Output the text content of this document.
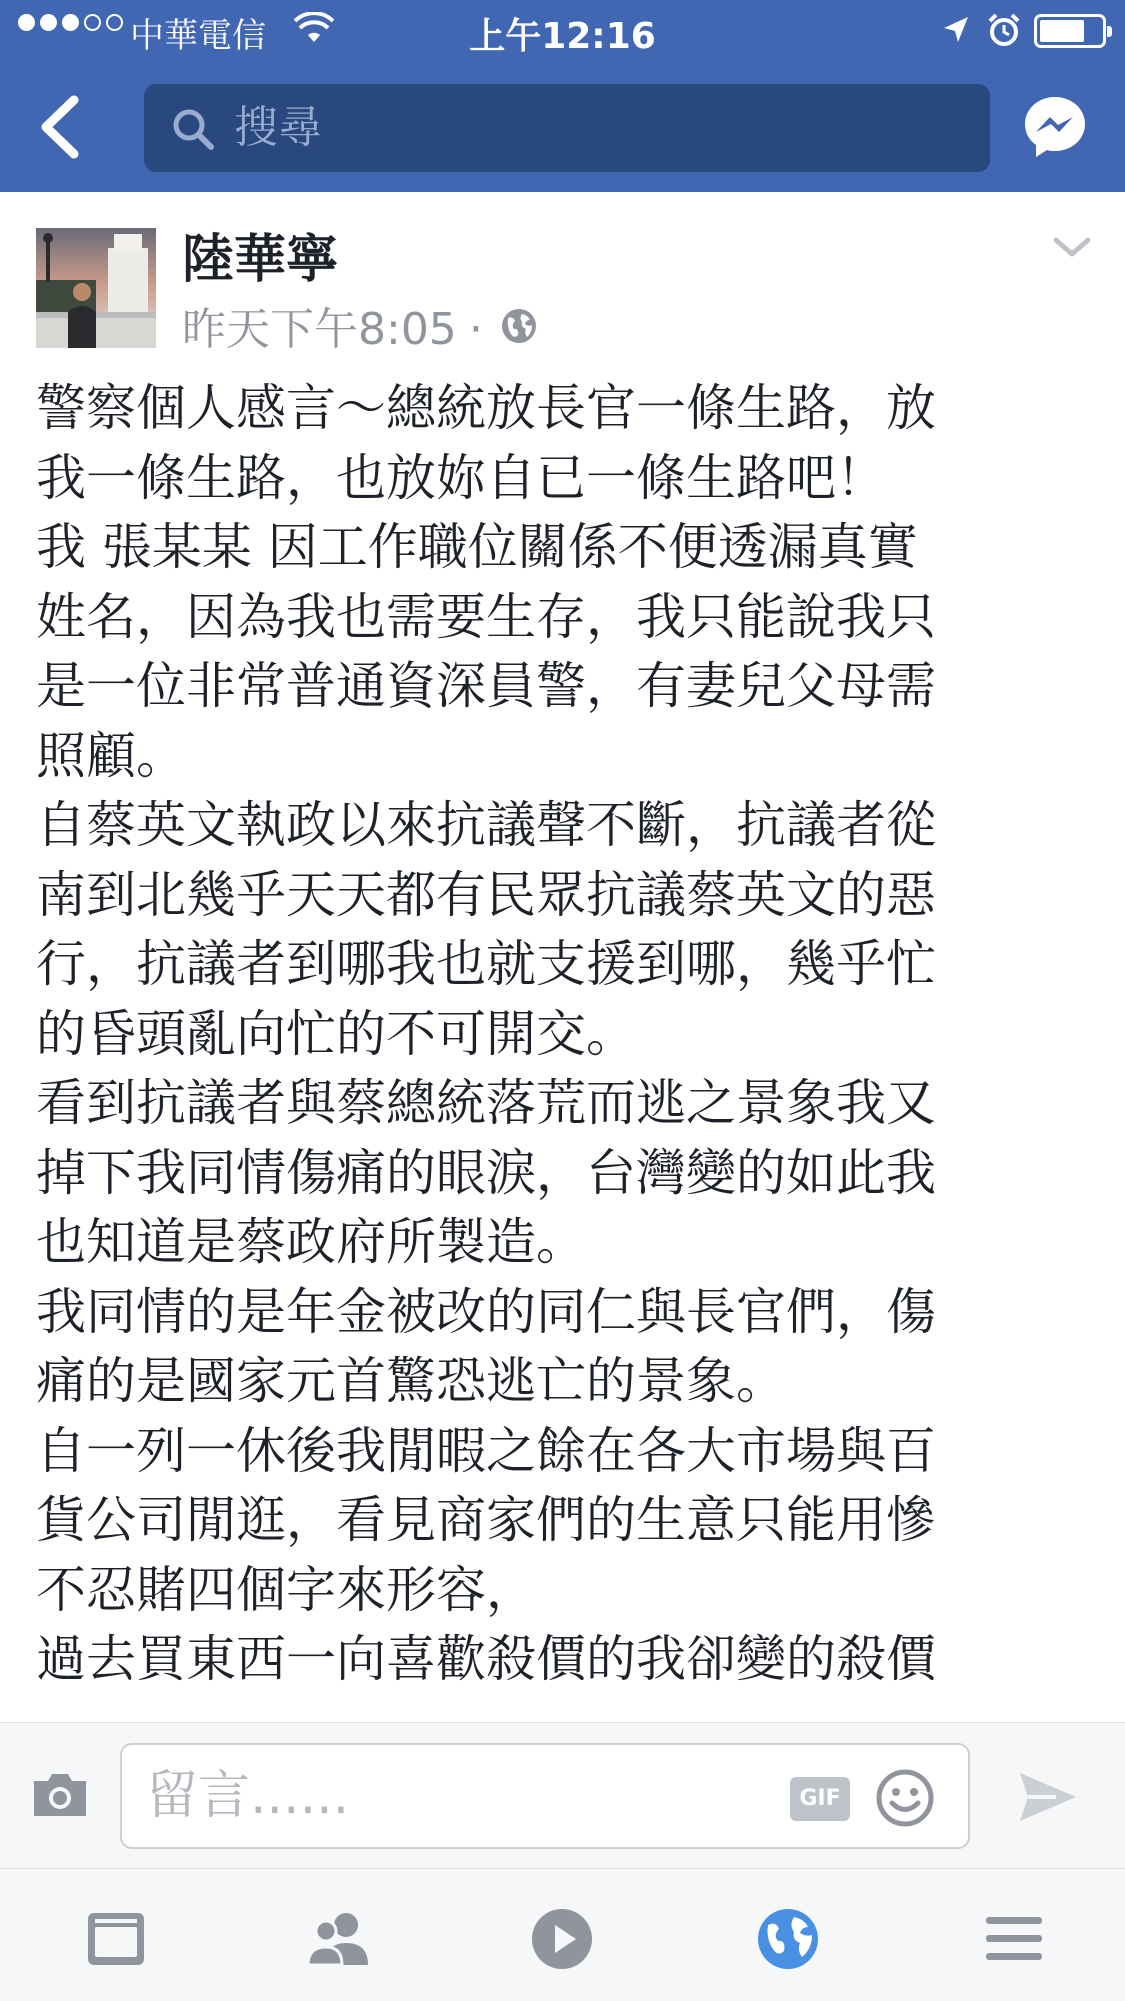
中華電信	上午12:16
搜尋
陸華寧
昨天下午8:05 ·

警察個人感言～總統放長官一條生路，放

我一條生路，也放妳自已一條生路吧！

我 張某某 因工作職位關係不便透漏真實

姓名，因為我也需要生存，我只能說我只

是一位非常普通資深員警，有妻兒父母需

照顧。

自蔡英文執政以來抗議聲不斷，抗議者從

南到北幾乎天天都有民眾抗議蔡英文的惡

行，抗議者到哪我也就支援到哪，幾乎忙

的昏頭亂向忙的不可開交。

看到抗議者與蔡總統落荒而逃之景象我又

掉下我同情傷痛的眼淚，台灣變的如此我

也知道是蔡政府所製造。

我同情的是年金被改的同仁與長官們，傷

痛的是國家元首驚恐逃亡的景象。

自一列一休後我閒暇之餘在各大市場與百

貨公司閒逛，看見商家們的生意只能用慘

不忍賭四個字來形容，

過去買東西一向喜歡殺價的我卻變的殺價

留言......	GIF
